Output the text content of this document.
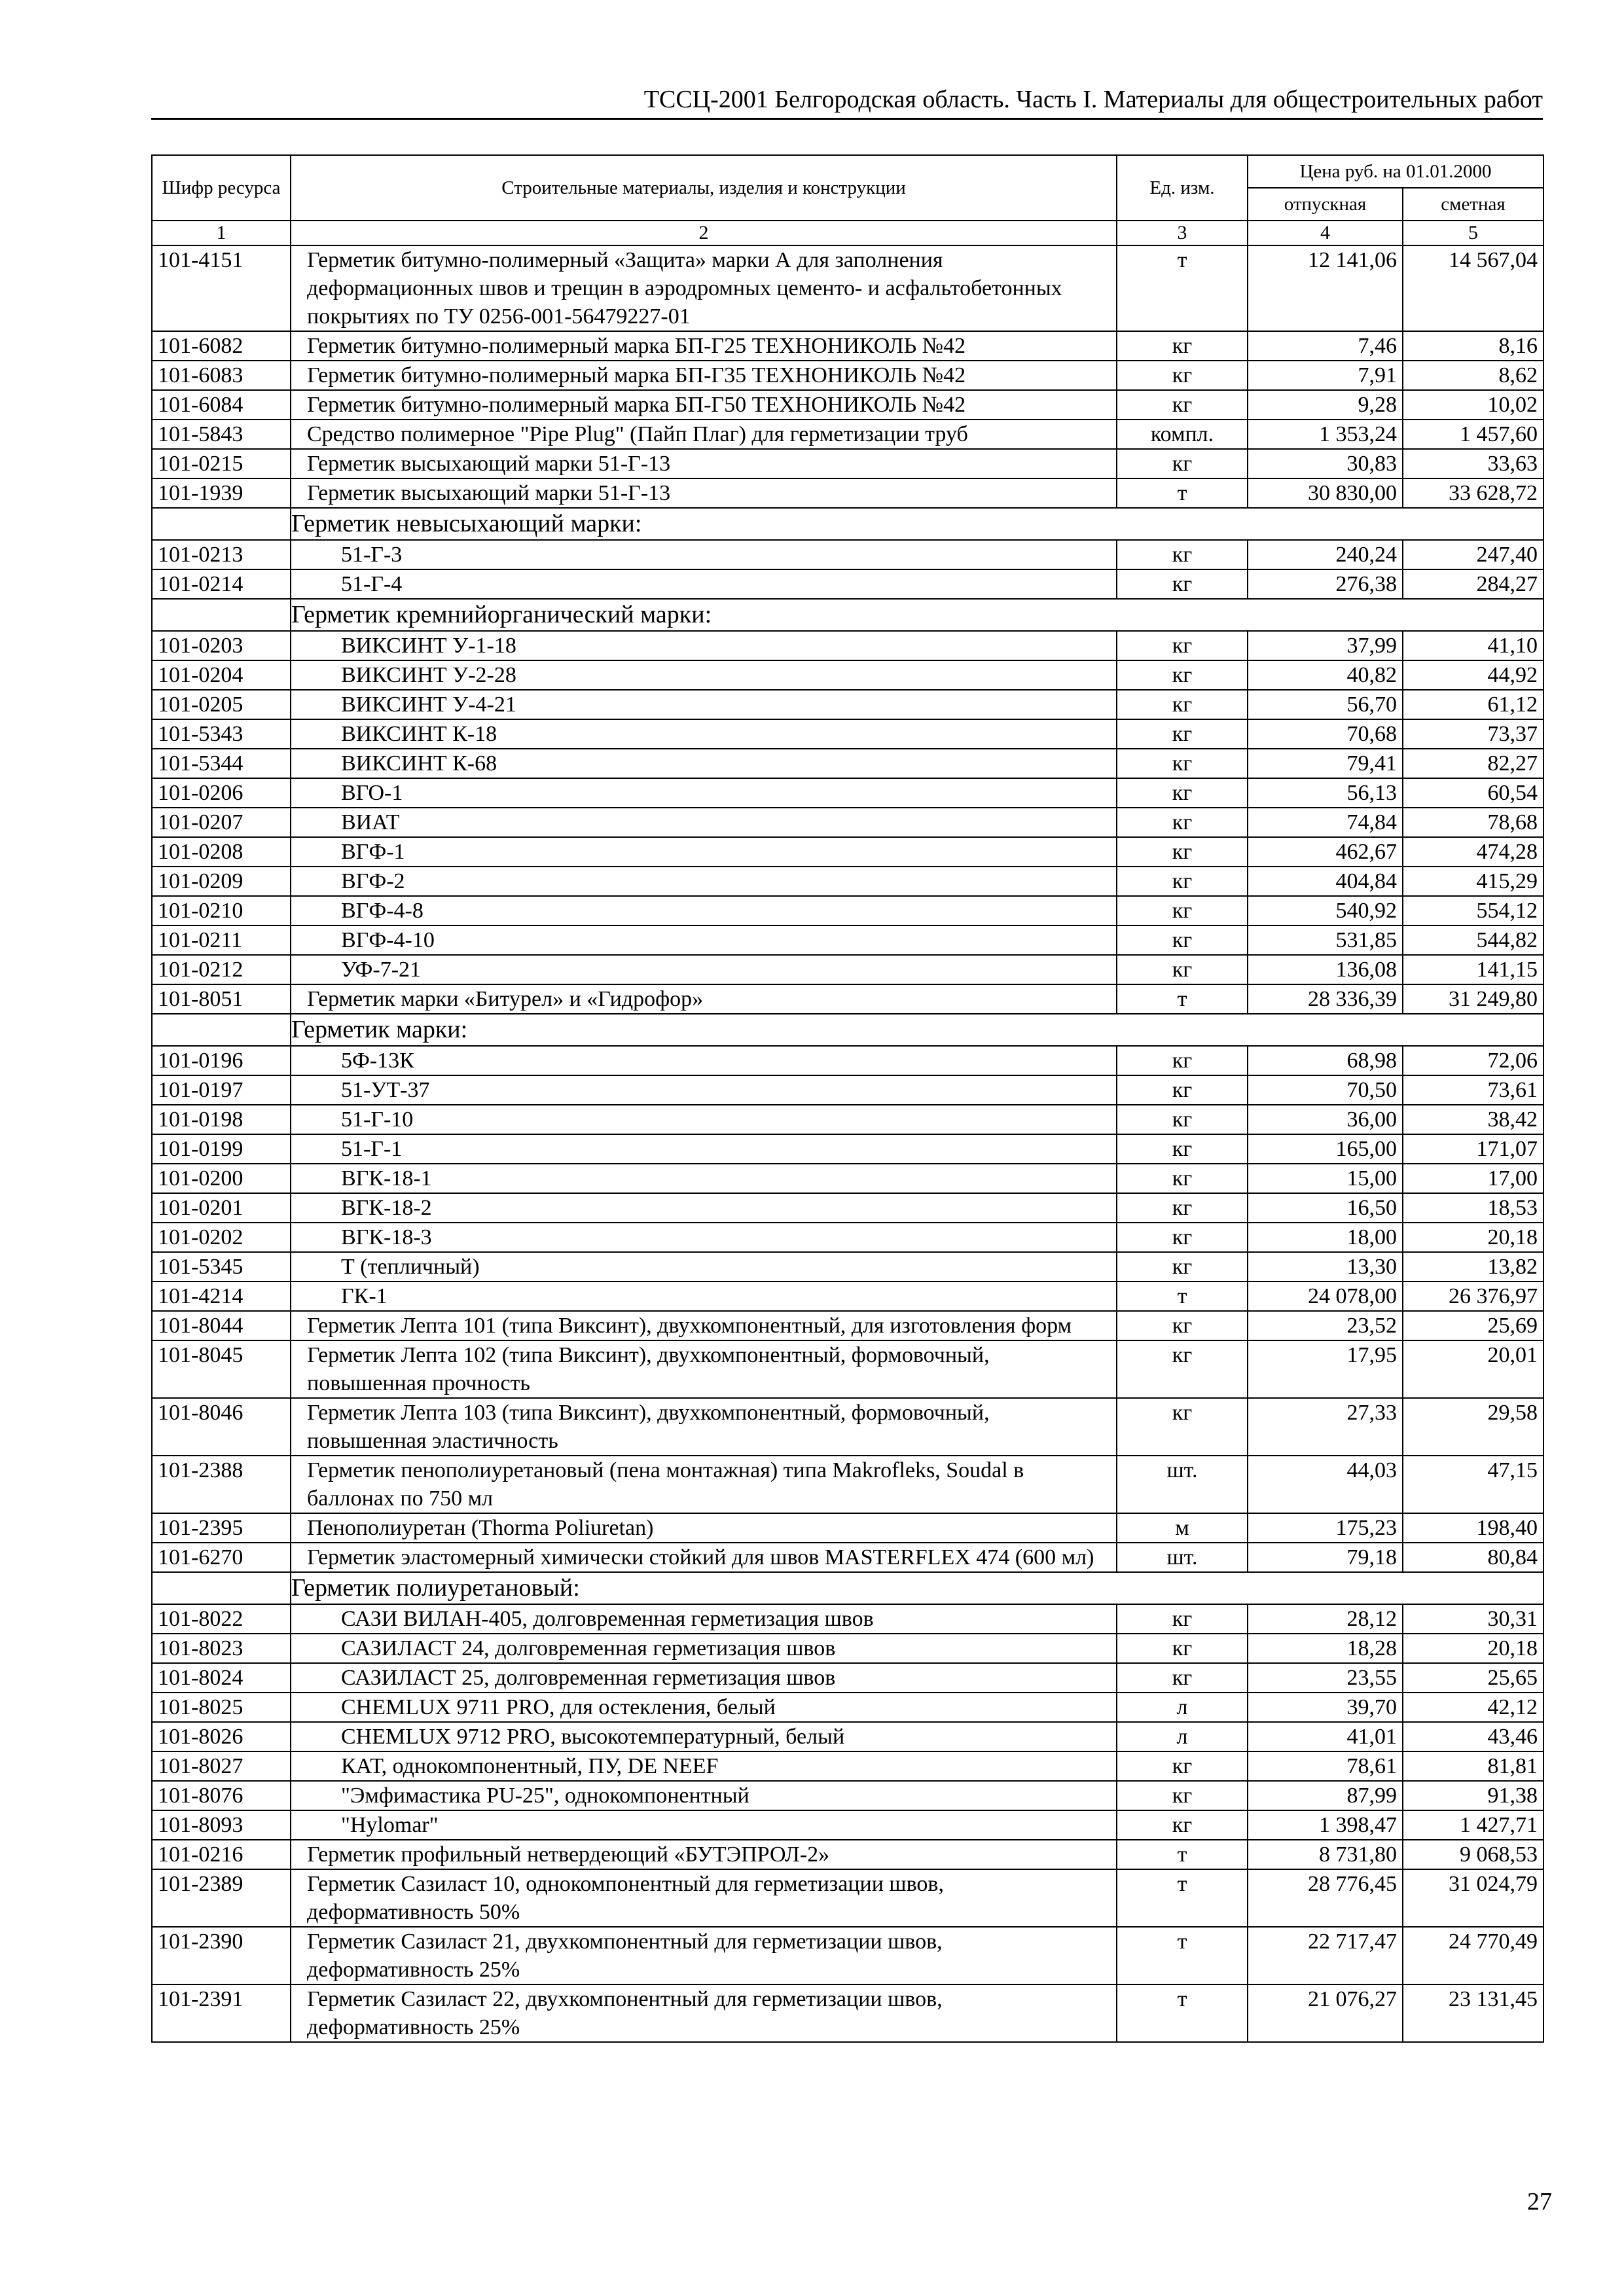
ТССЦ-2001 Белгородская область. Часть I. Материалы для общестроительных работ
Шифр ресурса	Строительные материалы, изделия и конструкции	Ед. изм.	Цена руб. на 01.01.2000	
			отпускная	сметная
1	2	3	4	5
101-4151	Герметик битумно-полимерный «Защита» марки А для заполнения деформационных швов и трещин в аэродромных цементо- и асфальтобетонных покрытиях по ТУ 0256-001-56479227-01	т	12 141,06	14 567,04
101-6082	Герметик битумно-полимерный марка БП-Г25 ТЕХНОНИКОЛЬ №42	кг	7,46	8,16
101-6083	Герметик битумно-полимерный марка БП-Г35 ТЕХНОНИКОЛЬ №42	кг	7,91	8,62
101-6084	Герметик битумно-полимерный марка БП-Г50 ТЕХНОНИКОЛЬ №42	кг	9,28	10,02
101-5843	Средство полимерное "Pipe Plug" (Пайп Плаг) для герметизации труб	компл.	1 353,24	1 457,60
101-0215	Герметик высыхающий марки 51-Г-13	кг	30,83	33,63
101-1939	Герметик высыхающий марки 51-Г-13	т	30 830,00	33 628,72
	Герметик невысыхающий марки:			
101-0213	51-Г-3	кг	240,24	247,40
101-0214	51-Г-4	кг	276,38	284,27
	Герметик кремнийорганический марки:			
101-0203	ВИКСИНТ У-1-18	кг	37,99	41,10
101-0204	ВИКСИНТ У-2-28	кг	40,82	44,92
101-0205	ВИКСИНТ У-4-21	кг	56,70	61,12
101-5343	ВИКСИНТ К-18	кг	70,68	73,37
101-5344	ВИКСИНТ К-68	кг	79,41	82,27
101-0206	ВГО-1	кг	56,13	60,54
101-0207	ВИАТ	кг	74,84	78,68
101-0208	ВГФ-1	кг	462,67	474,28
101-0209	ВГФ-2	кг	404,84	415,29
101-0210	ВГФ-4-8	кг	540,92	554,12
101-0211	ВГФ-4-10	кг	531,85	544,82
101-0212	УФ-7-21	кг	136,08	141,15
101-8051	Герметик марки «Битурел» и «Гидрофор»	т	28 336,39	31 249,80
	Герметик марки:			
101-0196	5Ф-13К	кг	68,98	72,06
101-0197	51-УТ-37	кг	70,50	73,61
101-0198	51-Г-10	кг	36,00	38,42
101-0199	51-Г-1	кг	165,00	171,07
101-0200	ВГК-18-1	кг	15,00	17,00
101-0201	ВГК-18-2	кг	16,50	18,53
101-0202	ВГК-18-3	кг	18,00	20,18
101-5345	Т (тепличный)	кг	13,30	13,82
101-4214	ГК-1	т	24 078,00	26 376,97
101-8044	Герметик Лепта 101 (типа Виксинт), двухкомпонентный, для изготовления форм	кг	23,52	25,69
101-8045	Герметик Лепта 102 (типа Виксинт), двухкомпонентный, формовочный, повышенная прочность	кг	17,95	20,01
101-8046	Герметик Лепта 103 (типа Виксинт), двухкомпонентный, формовочный, повышенная эластичность	кг	27,33	29,58
101-2388	Герметик пенополиуретановый (пена монтажная) типа Makroflеks, Soudal в баллонах по 750 мл	шт.	44,03	47,15
101-2395	Пенополиуретан (Thorma Poliuretan)	м	175,23	198,40
101-6270	Герметик эластомерный химически стойкий для швов MASTERFLEX 474 (600 мл)	шт.	79,18	80,84
	Герметик полиуретановый:			
101-8022	САЗИ ВИЛАН-405, долговременная герметизация швов	кг	28,12	30,31
101-8023	САЗИЛАСТ 24, долговременная герметизация швов	кг	18,28	20,18
101-8024	САЗИЛАСТ 25, долговременная герметизация швов	кг	23,55	25,65
101-8025	CHEMLUX 9711 PRO, для остекления, белый	л	39,70	42,12
101-8026	CHEMLUX 9712 PRO, высокотемпературный, белый	л	41,01	43,46
101-8027	КАТ, однокомпонентный, ПУ, DE NEEF	кг	78,61	81,81
101-8076	"Эмфимастика PU-25", однокомпонентный	кг	87,99	91,38
101-8093	"Hylomar"	кг	1 398,47	1 427,71
101-0216	Герметик профильный нетвердеющий «БУТЭПРОЛ-2»	т	8 731,80	9 068,53
101-2389	Герметик Сазиласт 10, однокомпонентный для герметизации швов, деформативность 50%	т	28 776,45	31 024,79
101-2390	Герметик Сазиласт 21, двухкомпонентный для герметизации швов, деформативность 25%	т	22 717,47	24 770,49
101-2391	Герметик Сазиласт 22, двухкомпонентный для герметизации швов, деформативность 25%	т	21 076,27	23 131,45
27
